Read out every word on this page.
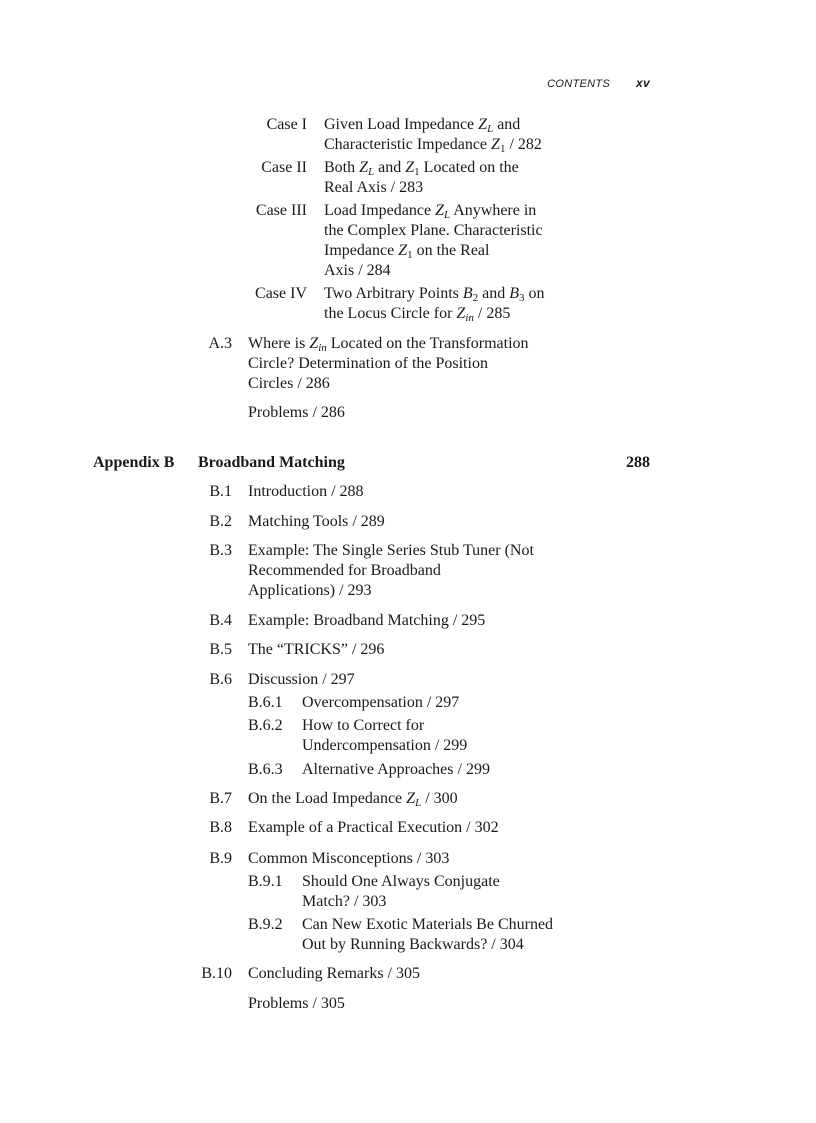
CONTENTS xv
Case I Given Load Impedance $Z_L$ and
Characteristic Impedance $Z_1 / 282$
Case II Both $Z_L$ and $Z_1$ Located on the
Real Axis / 283
Case III Load Impedance $Z_L$ Anywhere in
the Complex Plane. Characteristic
Impedance $Z_1$ on the Real
Axis / 284
Case IV Two Arbitrary Points $B_2$ and $B_3$ on
the Locus Circle for $Z_{in} / 285$
A.3 Where is $Z_{in}$ Located on the Transformation
Circle? Determination of the Position
Circles / 286
Problems / 286
Appendix B Broadband Matching	288
B.1 Introduction / 288
B.2 Matching Tools / 289
B.3 Example: The Single Series Stub Tuner (Not
Recommended for Broadband
Applications) / 293
B.4 Example: Broadband Matching / 295
B.5 The “TRICKS” / 296
B.6 Discussion / 297
B.7 On the Load Impedance $Z_L / 300$
B.8 Example of a Practical Execution / 302
B.9 Common Misconceptions / 303
B.10 Concluding Remarks / 305
B.6.1 Overcompensation / 297
B.6.2 How to Correct for
Undercompensation / 299
B.6.3 Alternative Approaches / 299
B.9.1 Should One Always Conjugate
Match? / 303
B.9.2 Can New Exotic Materials Be Churned
Out by Running Backwards? / 304
Problems / 305
